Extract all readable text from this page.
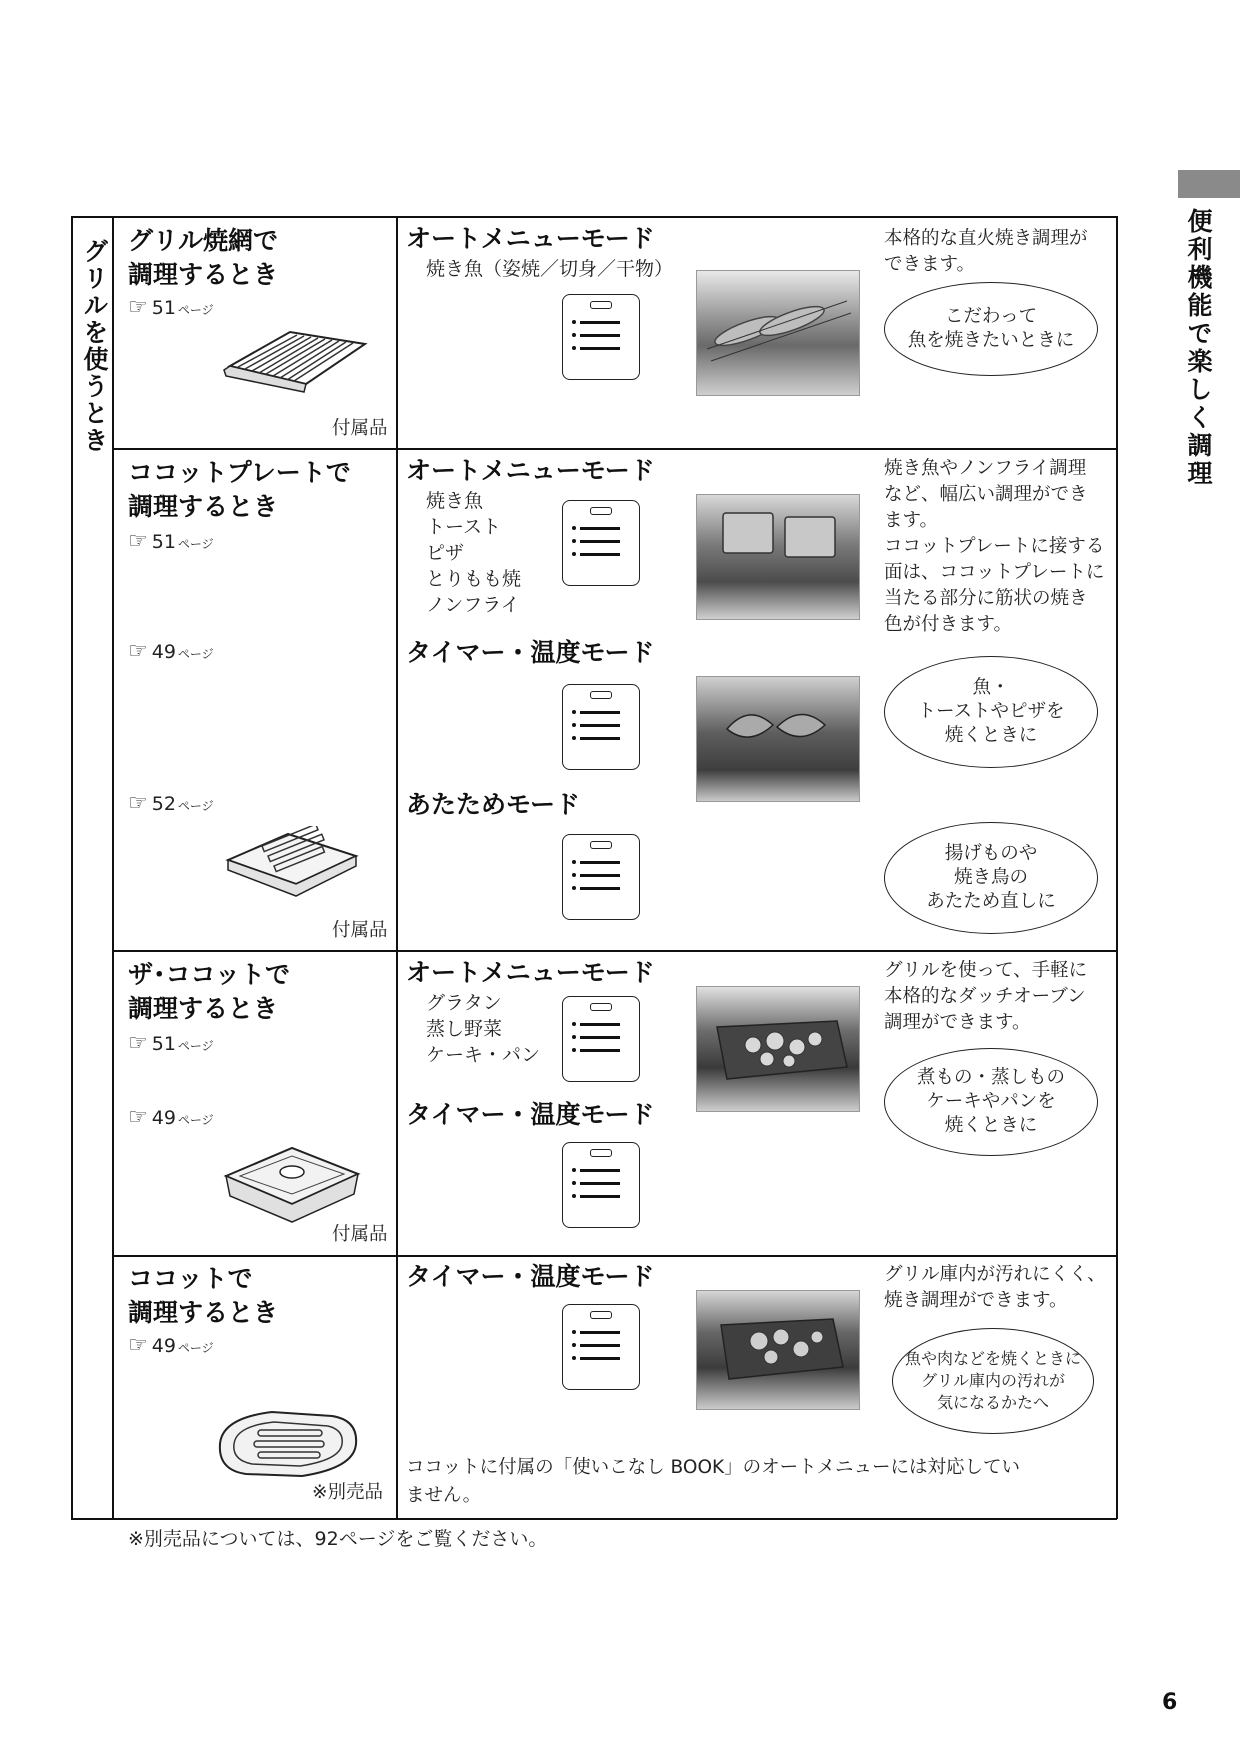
便利機能で楽しく調理
グリルを使うとき グリル焼網で
調理するとき
☞ 51 ページ
付属品
オートメニューモード
焼き魚（姿焼／切身／干物）
本格的な直火焼き調理が
できます。
こだわって
魚を焼きたいときに
ココットプレートで
調理するとき
☞ 51 ページ
☞ 49 ページ
☞ 52 ページ
付属品
オートメニューモード
焼き魚
トースト
ピザ
とりもも焼
ノンフライ
タイマー・温度モード
あたためモード
焼き魚やノンフライ調理
など、幅広い調理ができ
ます。
ココットプレートに接する
面は、ココットプレートに
当たる部分に筋状の焼き
色が付きます。
魚・
トーストやピザを
焼くときに
揚げものや
焼き鳥の
あたため直しに
ザ･ココットで
調理するとき
☞ 51 ページ
☞ 49 ページ
付属品
オートメニューモード
グラタン
蒸し野菜
ケーキ・パン
タイマー・温度モード
グリルを使って、手軽に
本格的なダッチオーブン
調理ができます。
煮もの・蒸しもの
ケーキやパンを
焼くときに
ココットで
調理するとき
☞ 49 ページ
※別売品
タイマー・温度モード	グリル庫内が汚れにくく、
焼き調理ができます。
魚や肉などを焼くときに
グリル庫内の汚れが
気になるかたへ
ココットに付属の「使いこなし BOOK」のオートメニューには対応してい
ません。
※別売品については、92ページをご覧ください。
6
